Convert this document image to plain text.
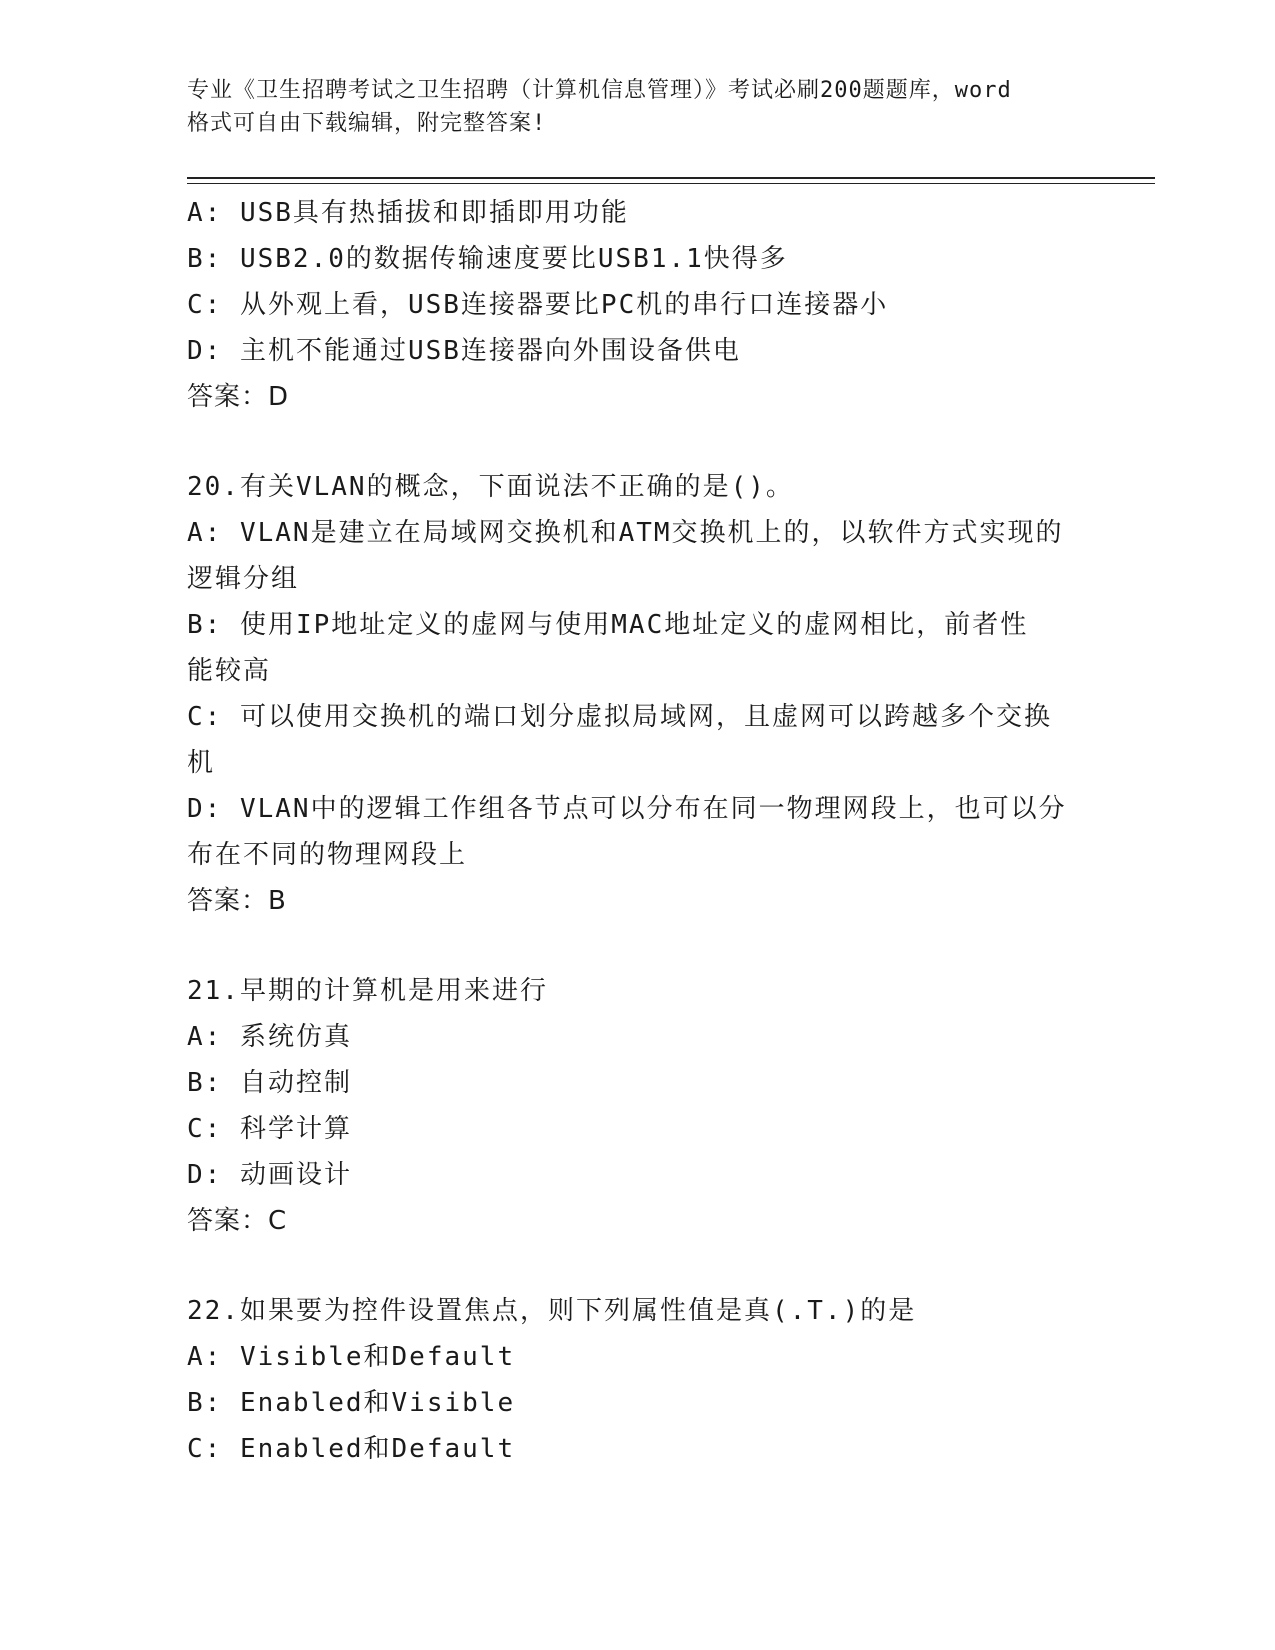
专业《卫生招聘考试之卫生招聘（计算机信息管理）》考试必刷200题题库，word
格式可自由下载编辑，附完整答案!
A: USB具有热插拔和即插即用功能
B: USB2.0的数据传输速度要比USB1.1快得多
C: 从外观上看，USB连接器要比PC机的串行口连接器小
D: 主机不能通过USB连接器向外围设备供电
答案：D
20.有关VLAN的概念，下面说法不正确的是()。
A: VLAN是建立在局域网交换机和ATM交换机上的，以软件方式实现的
逻辑分组
B: 使用IP地址定义的虚网与使用MAC地址定义的虚网相比，前者性
能较高
C: 可以使用交换机的端口划分虚拟局域网，且虚网可以跨越多个交换
机
D: VLAN中的逻辑工作组各节点可以分布在同一物理网段上，也可以分
布在不同的物理网段上
答案：B
21.早期的计算机是用来进行
A: 系统仿真
B: 自动控制
C: 科学计算
D: 动画设计
答案：C
22.如果要为控件设置焦点，则下列属性值是真(.T.)的是
A: Visible和Default
B: Enabled和Visible
C: Enabled和Default
